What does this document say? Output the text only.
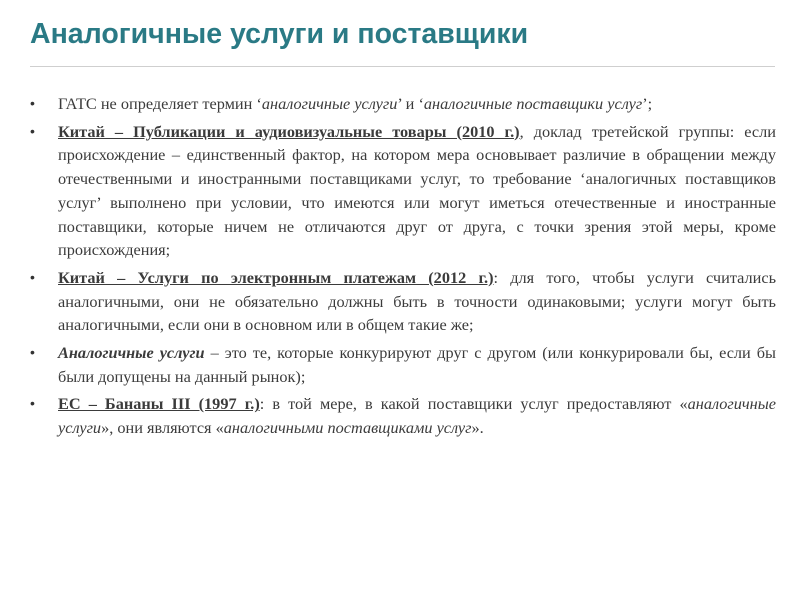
Аналогичные услуги и поставщики
•	ГАТС не определяет термин ‘аналогичные услуги’ и ‘аналогичные поставщики услуг’;
•	Китай – Публикации и аудиовизуальные товары (2010 г.), доклад третейской группы: если происхождение – единственный фактор, на котором мера основывает различие в обращении между отечественными и иностранными поставщиками услуг, то требование ‘аналогичных поставщиков услуг’ выполнено при условии, что имеются или могут иметься отечественные и иностранные поставщики, которые ничем не отличаются друг от друга, с точки зрения этой меры, кроме происхождения;
•	Китай – Услуги по электронным платежам (2012 г.): для того, чтобы услуги считались аналогичными, они не обязательно должны быть в точности одинаковыми; услуги могут быть аналогичными, если они в основном или в общем такие же;
•	Аналогичные услуги – это те, которые конкурируют друг с другом (или конкурировали бы, если бы были допущены на данный рынок);
•	ЕС – Бананы III (1997 г.): в той мере, в какой поставщики услуг предоставляют «аналогичные услуги», они являются «аналогичными поставщиками услуг».
